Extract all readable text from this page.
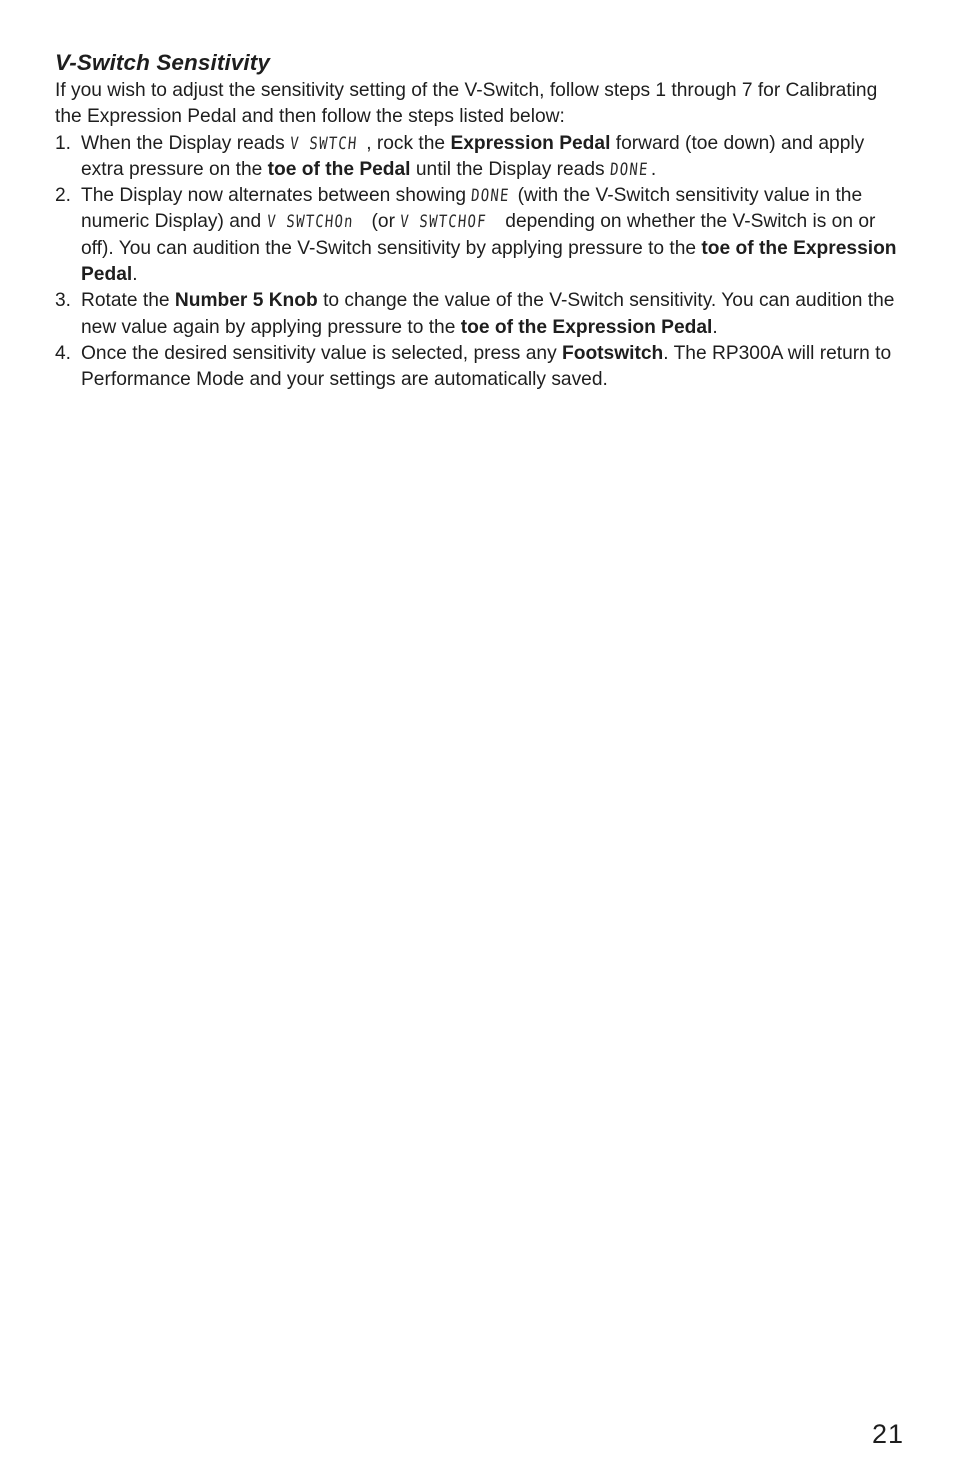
V-Switch Sensitivity

If you wish to adjust the sensitivity setting of the V-Switch, follow steps 1 through 7 for Calibrating the Expression Pedal and then follow the steps listed below:

1. When the Display reads V SWTCH , rock the Expression Pedal forward (toe down) and apply extra pressure on the toe of the Pedal until the Display reads DONE.
2. The Display now alternates between showing DONE (with the V-Switch sensitivity value in the numeric Display) and V SWTCHOn (or V SWTCHOF depending on whether the V-Switch is on or off). You can audition the V-Switch sensitivity by applying pressure to the toe of the Expression Pedal.
3. Rotate the Number 5 Knob to change the value of the V-Switch sensitivity. You can audition the new value again by applying pressure to the toe of the Expression Pedal.
4. Once the desired sensitivity value is selected, press any Footswitch. The RP300A will return to Performance Mode and your settings are automatically saved.
21
